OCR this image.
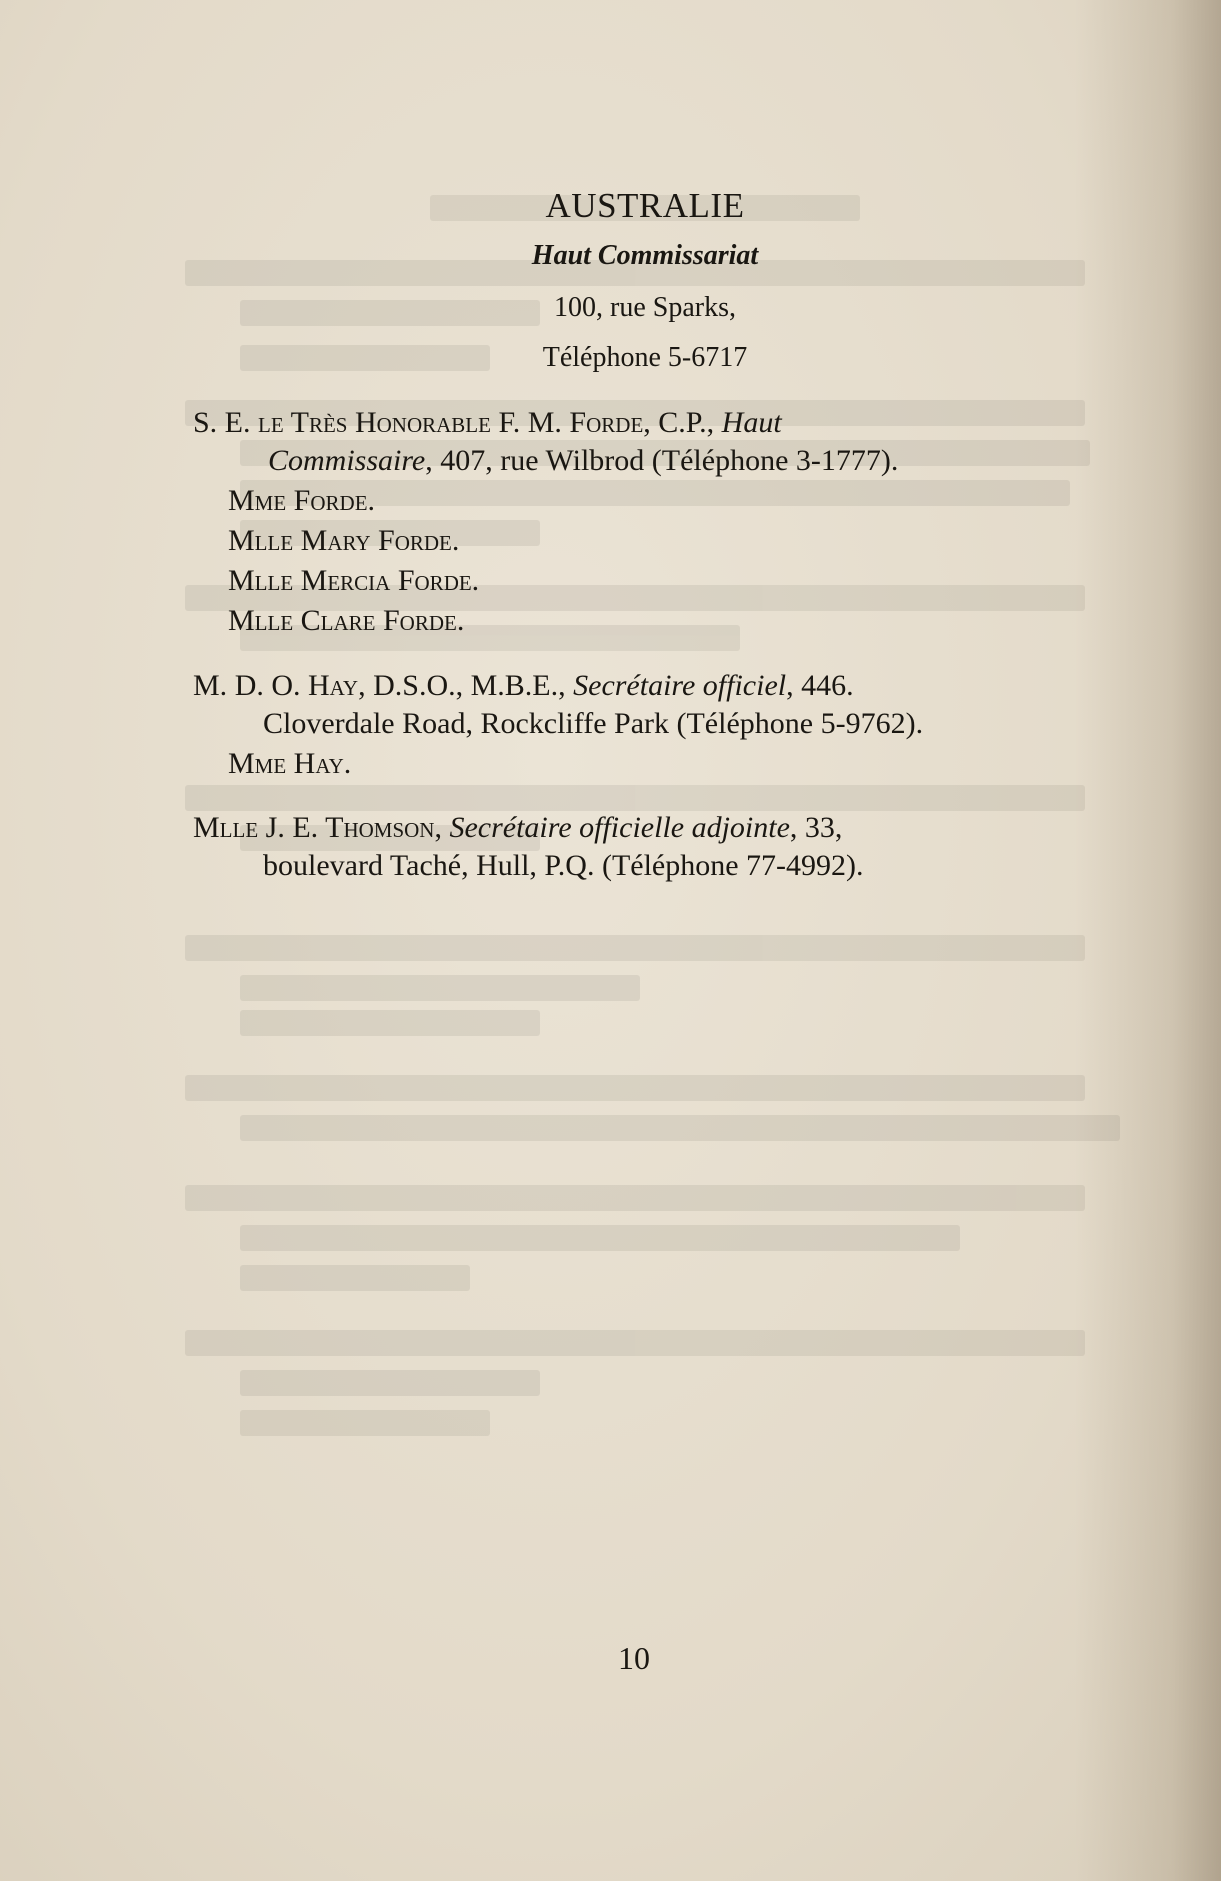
AUSTRALIE
Haut Commissariat
100, rue Sparks,
Téléphone 5-6717
S. E. le Très Honorable F. M. Forde, C.P., Haut
Commissaire, 407, rue Wilbrod (Téléphone 3-1777).
Mme Forde.
Mlle Mary Forde.
Mlle Mercia Forde.
Mlle Clare Forde.
M. D. O. Hay, D.S.O., M.B.E., Secrétaire officiel, 446.
Cloverdale Road, Rockcliffe Park (Téléphone 5-9762).
Mme Hay.
Mlle J. E. Thomson, Secrétaire officielle adjointe, 33,
boulevard Taché, Hull, P.Q. (Téléphone 77-4992).
10
